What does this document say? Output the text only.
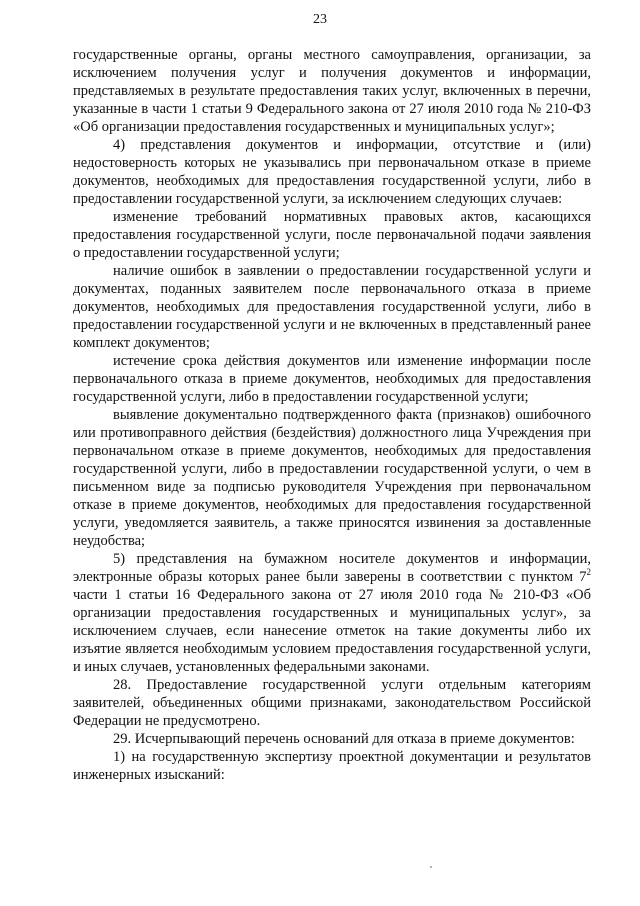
23

государственные органы, органы местного самоуправления, организации, за исключением получения услуг и получения документов и информации, представляемых в результате предоставления таких услуг, включенных в перечни, указанные в части 1 статьи 9 Федерального закона от 27 июля 2010 года № 210-ФЗ «Об организации предоставления государственных и муниципальных услуг»;

4) представления документов и информации, отсутствие и (или) недостоверность которых не указывались при первоначальном отказе в приеме документов, необходимых для предоставления государственной услуги, либо в предоставлении государственной услуги, за исключением следующих случаев:

изменение требований нормативных правовых актов, касающихся предоставления государственной услуги, после первоначальной подачи заявления о предоставлении государственной услуги;

наличие ошибок в заявлении о предоставлении государственной услуги и документах, поданных заявителем после первоначального отказа в приеме документов, необходимых для предоставления государственной услуги, либо в предоставлении государственной услуги и не включенных в представленный ранее комплект документов;

истечение срока действия документов или изменение информации после первоначального отказа в приеме документов, необходимых для предоставления государственной услуги, либо в предоставлении государственной услуги;

выявление документально подтвержденного факта (признаков) ошибочного или противоправного действия (бездействия) должностного лица Учреждения при первоначальном отказе в приеме документов, необходимых для предоставления государственной услуги, либо в предоставлении государственной услуги, о чем в письменном виде за подписью руководителя Учреждения при первоначальном отказе в приеме документов, необходимых для предоставления государственной услуги, уведомляется заявитель, а также приносятся извинения за доставленные неудобства;

5) представления на бумажном носителе документов и информации, электронные образы которых ранее были заверены в соответствии с пунктом $7^2$ части 1 статьи 16 Федерального закона от 27 июля 2010 года № 210-ФЗ «Об организации предоставления государственных и муниципальных услуг», за исключением случаев, если нанесение отметок на такие документы либо их изъятие является необходимым условием предоставления государственной услуги, и иных случаев, установленных федеральными законами.

28. Предоставление государственной услуги отдельным категориям заявителей, объединенных общими признаками, законодательством Российской Федерации не предусмотрено.

29. Исчерпывающий перечень оснований для отказа в приеме документов:

1) на государственную экспертизу проектной документации и результатов инженерных изысканий:
